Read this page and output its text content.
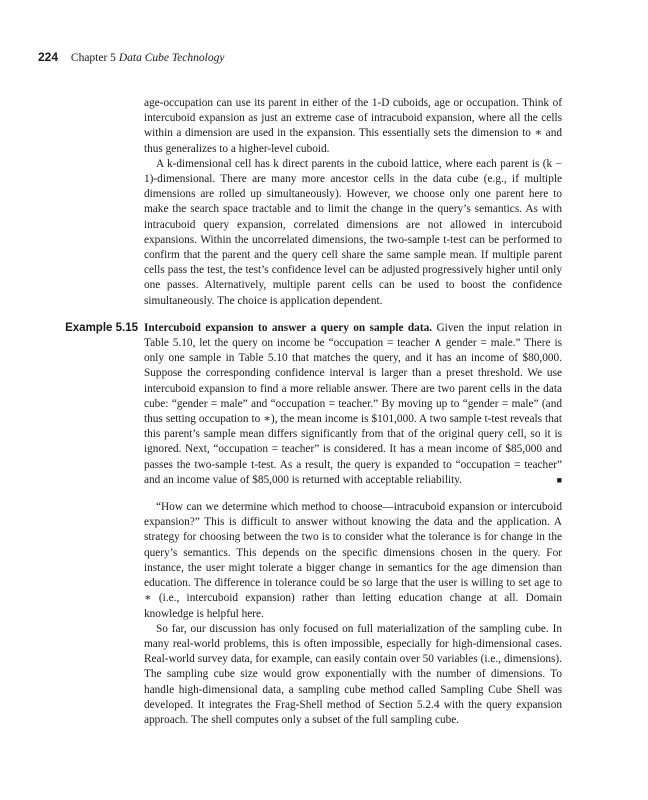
224 Chapter 5 Data Cube Technology

age-occupation can use its parent in either of the 1-D cuboids, age or occupation. Think of intercuboid expansion as just an extreme case of intracuboid expansion, where all the cells within a dimension are used in the expansion. This essentially sets the dimension to ∗ and thus generalizes to a higher-level cuboid.

A k-dimensional cell has k direct parents in the cuboid lattice, where each parent is (k − 1)-dimensional. There are many more ancestor cells in the data cube (e.g., if multiple dimensions are rolled up simultaneously). However, we choose only one parent here to make the search space tractable and to limit the change in the query’s semantics. As with intracuboid query expansion, correlated dimensions are not allowed in intercuboid expansions. Within the uncorrelated dimensions, the two-sample t-test can be performed to confirm that the parent and the query cell share the same sample mean. If multiple parent cells pass the test, the test’s confidence level can be adjusted progressively higher until only one passes. Alternatively, multiple parent cells can be used to boost the confidence simultaneously. The choice is application dependent.

Example 5.15 Intercuboid expansion to answer a query on sample data. Given the input relation in Table 5.10, let the query on income be “occupation = teacher ∧ gender = male.” There is only one sample in Table 5.10 that matches the query, and it has an income of $80,000. Suppose the corresponding confidence interval is larger than a preset threshold. We use intercuboid expansion to find a more reliable answer. There are two parent cells in the data cube: “gender = male” and “occupation = teacher.” By moving up to “gender = male” (and thus setting occupation to ∗), the mean income is $101,000. A two sample t-test reveals that this parent’s sample mean differs significantly from that of the original query cell, so it is ignored. Next, “occupation = teacher” is considered. It has a mean income of $85,000 and passes the two-sample t-test. As a result, the query is expanded to “occupation = teacher” and an income value of $85,000 is returned with acceptable reliability.	■

“How can we determine which method to choose—intracuboid expansion or intercuboid expansion?” This is difficult to answer without knowing the data and the application. A strategy for choosing between the two is to consider what the tolerance is for change in the query’s semantics. This depends on the specific dimensions chosen in the query. For instance, the user might tolerate a bigger change in semantics for the age dimension than education. The difference in tolerance could be so large that the user is willing to set age to ∗ (i.e., intercuboid expansion) rather than letting education change at all. Domain knowledge is helpful here.

So far, our discussion has only focused on full materialization of the sampling cube. In many real-world problems, this is often impossible, especially for high-dimensional cases. Real-world survey data, for example, can easily contain over 50 variables (i.e., dimensions). The sampling cube size would grow exponentially with the number of dimensions. To handle high-dimensional data, a sampling cube method called Sampling Cube Shell was developed. It integrates the Frag-Shell method of Section 5.2.4 with the query expansion approach. The shell computes only a subset of the full sampling cube.
